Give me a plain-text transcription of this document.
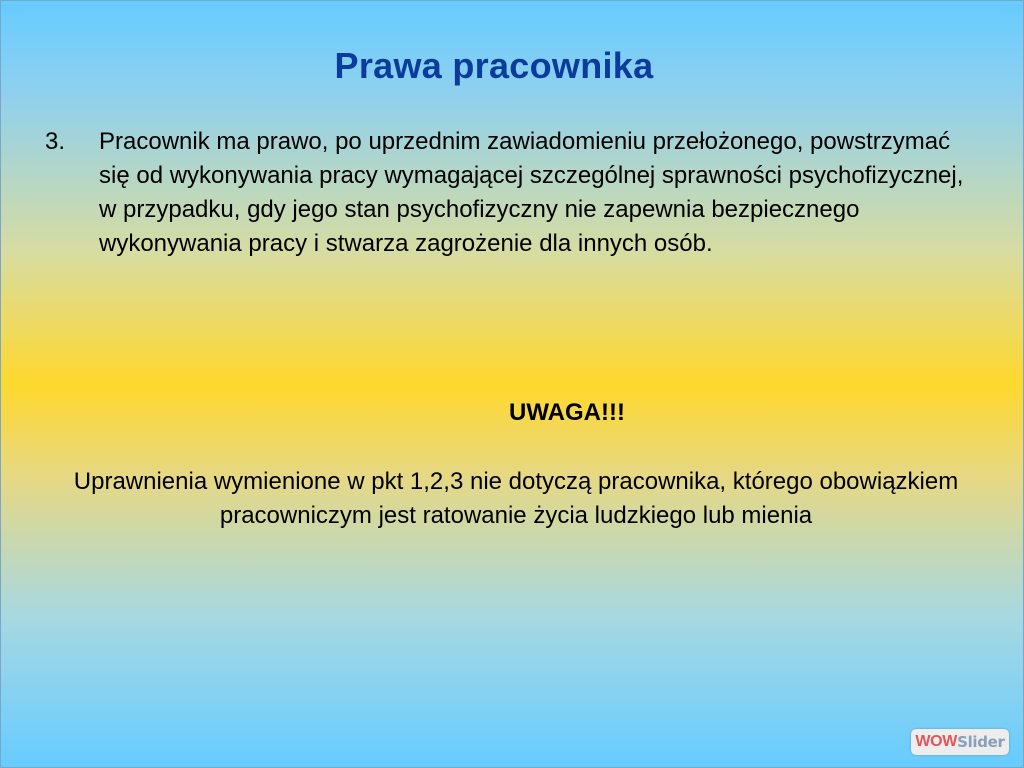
Prawa pracownika
3.	Pracownik ma prawo, po uprzednim zawiadomieniu przełożonego, powstrzymać się od wykonywania pracy wymagającej szczególnej sprawności psychofizycznej, w przypadku, gdy jego stan psychofizyczny nie zapewnia bezpiecznego wykonywania pracy i stwarza zagrożenie dla innych osób.
UWAGA!!!
Uprawnienia wymienione w pkt 1,2,3 nie dotyczą pracownika, którego obowiązkiem pracowniczym jest ratowanie życia ludzkiego lub mienia
WOW Slider
